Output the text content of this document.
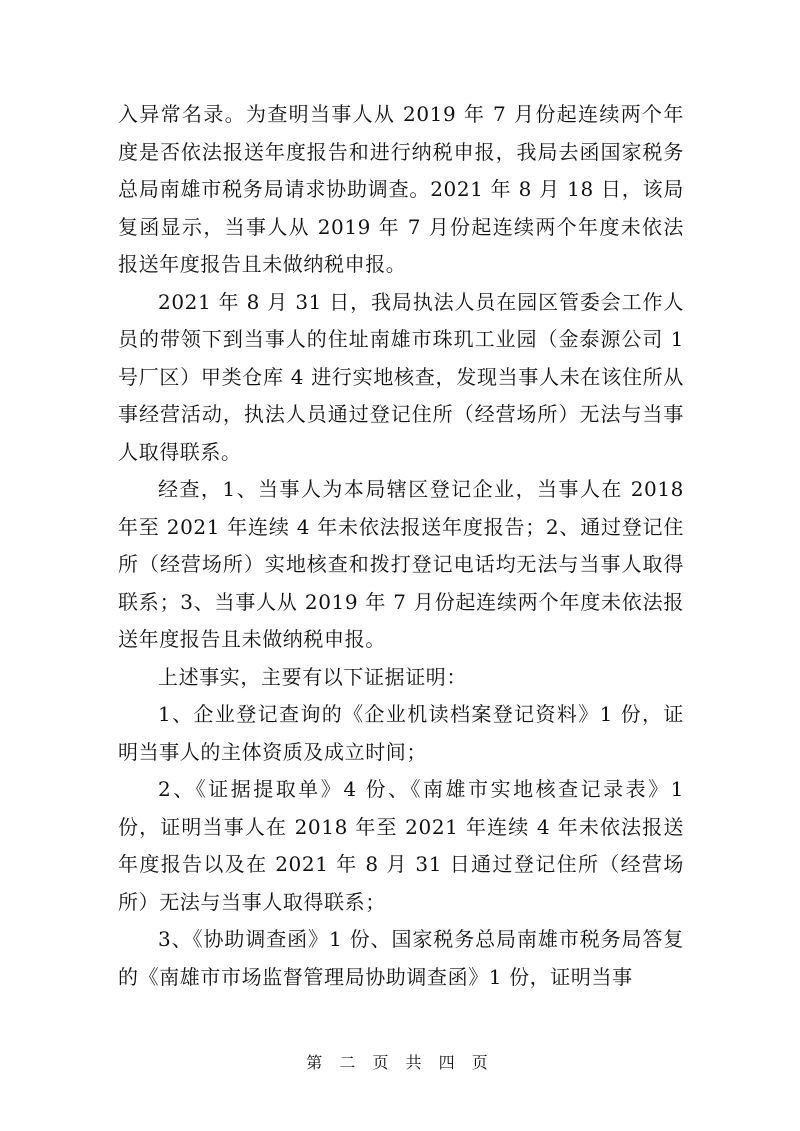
入异常名录。为查明当事人从 2019 年 7 月份起连续两个年度是否依法报送年度报告和进行纳税申报，我局去函国家税务总局南雄市税务局请求协助调查。2021 年 8 月 18 日，该局复函显示，当事人从 2019 年 7 月份起连续两个年度未依法报送年度报告且未做纳税申报。

2021 年 8 月 31 日，我局执法人员在园区管委会工作人员的带领下到当事人的住址南雄市珠玑工业园（金泰源公司 1 号厂区）甲类仓库 4 进行实地核查，发现当事人未在该住所从事经营活动，执法人员通过登记住所（经营场所）无法与当事人取得联系。

经查，1、当事人为本局辖区登记企业，当事人在 2018 年至 2021 年连续 4 年未依法报送年度报告；2、通过登记住所（经营场所）实地核查和拨打登记电话均无法与当事人取得联系；3、当事人从 2019 年 7 月份起连续两个年度未依法报送年度报告且未做纳税申报。

上述事实，主要有以下证据证明：

1、企业登记查询的《企业机读档案登记资料》1 份，证明当事人的主体资质及成立时间；

2、《证据提取单》4 份、《南雄市实地核查记录表》1 份，证明当事人在 2018 年至 2021 年连续 4 年未依法报送年度报告以及在 2021 年 8 月 31 日通过登记住所（经营场所）无法与当事人取得联系；

3、《协助调查函》1 份、国家税务总局南雄市税务局答复的《南雄市市场监督管理局协助调查函》1 份，证明当事

第 二 页 共 四 页
